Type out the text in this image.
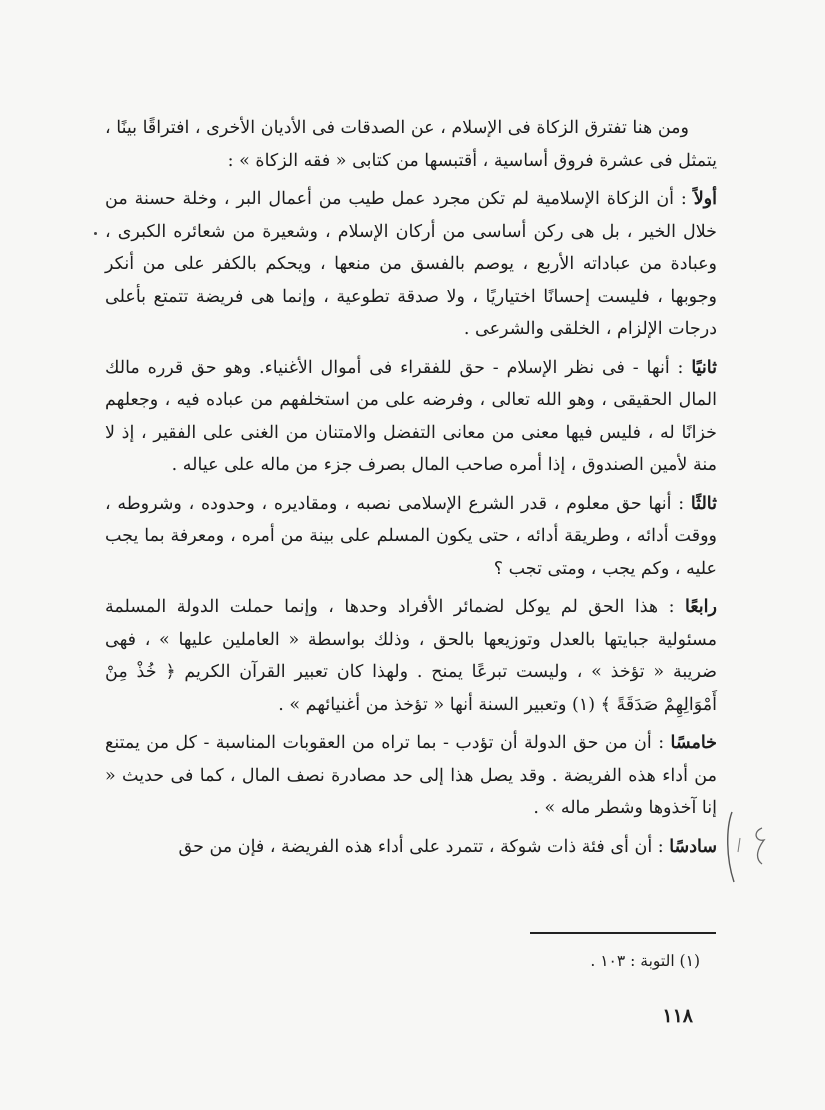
ومن هنا تفترق الزكاة فى الإسلام ، عن الصدقات فى الأديان الأخرى ، افتراقًا بينًا ، يتمثل فى عشرة فروق أساسية ، أقتبسها من كتابى « فقه الزكاة » :

أولاً : أن الزكاة الإسلامية لم تكن مجرد عمل طيب من أعمال البر ، وخلة حسنة من خلال الخير ، بل هى ركن أساسى من أركان الإسلام ، وشعيرة من شعائره الكبرى ، وعبادة من عباداته الأربع ، يوصم بالفسق من منعها ، ويحكم بالكفر على من أنكر وجوبها ، فليست إحسانًا اختياريًا ، ولا صدقة تطوعية ، وإنما هى فريضة تتمتع بأعلى درجات الإلزام ، الخلقى والشرعى .

ثانيًا : أنها - فى نظر الإسلام - حق للفقراء فى أموال الأغنياء. وهو حق قرره مالك المال الحقيقى ، وهو الله تعالى ، وفرضه على من استخلفهم من عباده فيه ، وجعلهم خزانًا له ، فليس فيها معنى من معانى التفضل والامتنان من الغنى على الفقير ، إذ لا منة لأمين الصندوق ، إذا أمره صاحب المال بصرف جزء من ماله على عياله .

ثالثًا : أنها حق معلوم ، قدر الشرع الإسلامى نصبه ، ومقاديره ، وحدوده ، وشروطه ، ووقت أدائه ، وطريقة أدائه ، حتى يكون المسلم على بينة من أمره ، ومعرفة بما يجب عليه ، وكم يجب ، ومتى تجب ؟

رابعًا : هذا الحق لم يوكل لضمائر الأفراد وحدها ، وإنما حملت الدولة المسلمة مسئولية جبايتها بالعدل وتوزيعها بالحق ، وذلك بواسطة « العاملين عليها » ، فهى ضريبة « تؤخذ » ، وليست تبرعًا يمنح . ولهذا كان تعبير القرآن الكريم ﴿ خُذْ مِنْ أَمْوَالِهِمْ صَدَقَةً ﴾ (١) وتعبير السنة أنها « تؤخذ من أغنيائهم » .

خامسًا : أن من حق الدولة أن تؤدب - بما تراه من العقوبات المناسبة - كل من يمتنع من أداء هذه الفريضة . وقد يصل هذا إلى حد مصادرة نصف المال ، كما فى حديث « إنا آخذوها وشطر ماله » .

سادسًا : أن أى فئة ذات شوكة ، تتمرد على أداء هذه الفريضة ، فإن من حق

(١) التوبة : ١٠٣ .
١١٨
